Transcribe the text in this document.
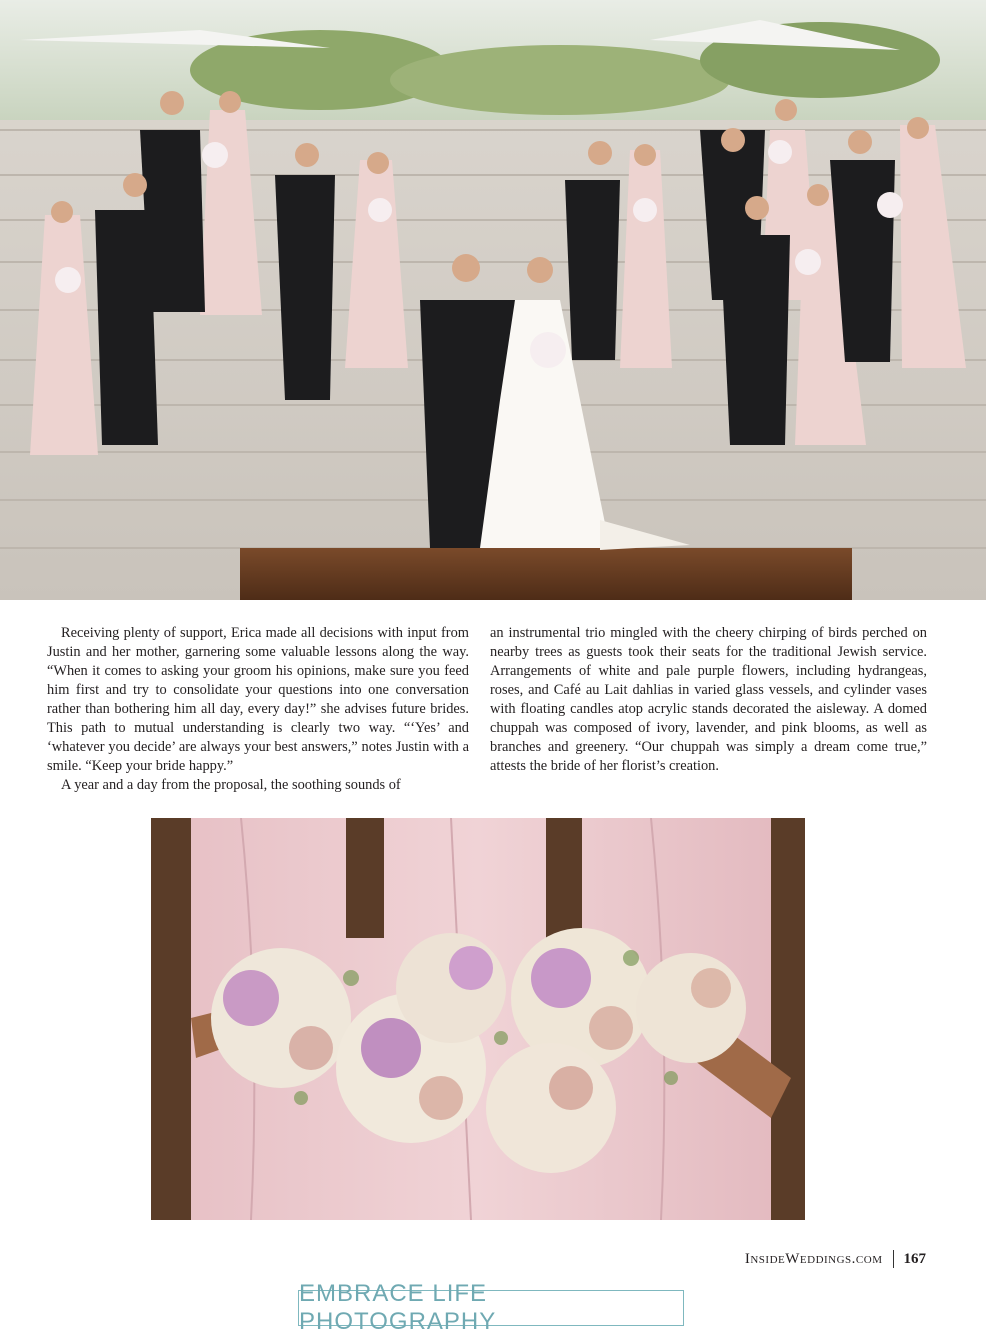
Receiving plenty of support, Erica made all decisions with input from Justin and her mother, garnering some valuable lessons along the way. “When it comes to asking your groom his opinions, make sure you feed him first and try to consolidate your questions into one conversation rather than bothering him all day, every day!” she advises future brides. This path to mutual understanding is clearly two way. “‘Yes’ and ‘whatever you decide’ are always your best answers,” notes Justin with a smile. “Keep your bride happy.”

A year and a day from the proposal, the soothing sounds of

an instrumental trio mingled with the cheery chirping of birds perched on nearby trees as guests took their seats for the traditional Jewish service. Arrangements of white and pale purple flowers, including hydrangeas, roses, and Café au Lait dahlias in varied glass vessels, and cylinder vases with floating candles atop acrylic stands decorated the aisleway. A domed chuppah was composed of ivory, lavender, and pink blooms, as well as branches and greenery. “Our chuppah was simply a dream come true,” attests the bride of her florist’s creation.

InsideWeddings.com 167
EMBRACE LIFE PHOTOGRAPHY
